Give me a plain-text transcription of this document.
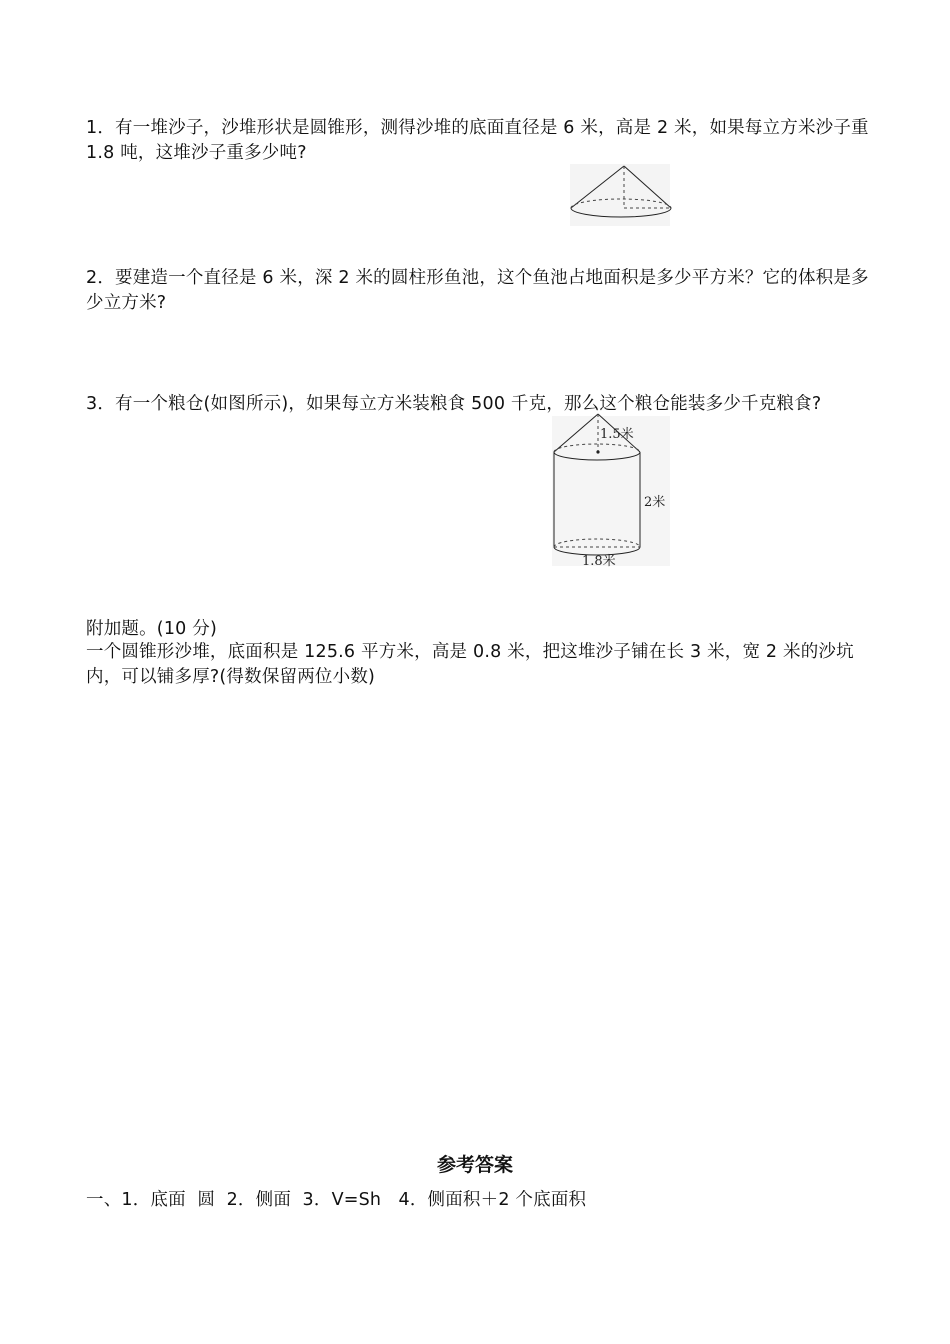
1．有一堆沙子，沙堆形状是圆锥形，测得沙堆的底面直径是 6 米，高是 2 米，如果每立方米沙子重 1.8 吨，这堆沙子重多少吨?
2．要建造一个直径是 6 米，深 2 米的圆柱形鱼池，这个鱼池占地面积是多少平方米？它的体积是多少立方米?
3．有一个粮仓(如图所示)，如果每立方米装粮食 500 千克，那么这个粮仓能装多少千克粮食?
1.5米
2米
1.8米
附加题。(10 分)
一个圆锥形沙堆，底面积是 125.6 平方米，高是 0.8 米，把这堆沙子铺在长 3 米，宽 2 米的沙坑内，可以铺多厚?(得数保留两位小数)
参考答案
一、1．底面  圆  2．侧面  3．V=Sh   4．侧面积＋2 个底面积
